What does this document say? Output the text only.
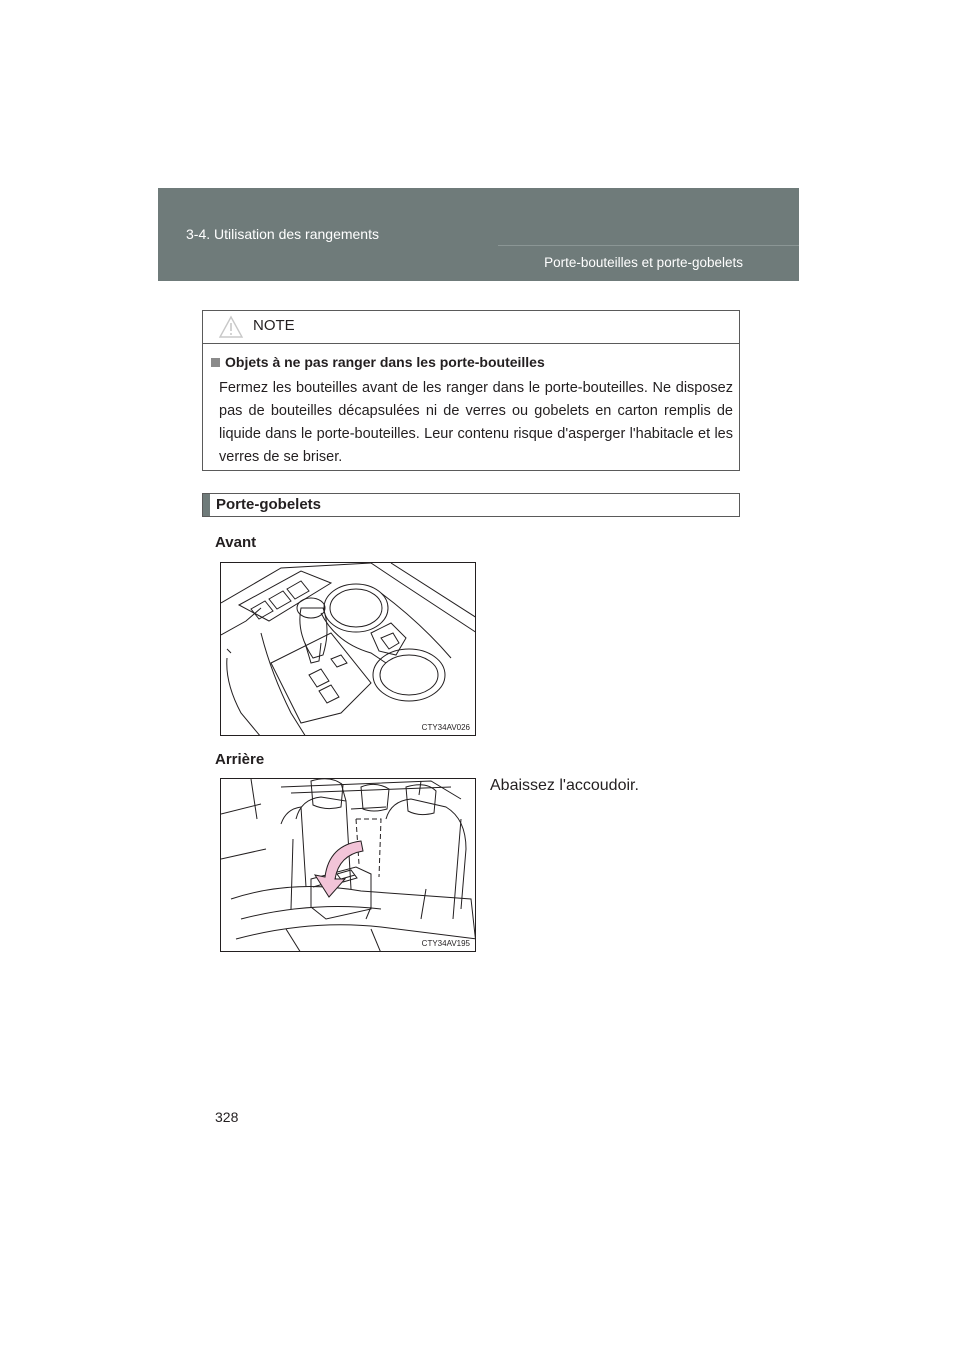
3-4. Utilisation des rangements
Porte-bouteilles et porte-gobelets
NOTE
Objets à ne pas ranger dans les porte-bouteilles
Fermez les bouteilles avant de les ranger dans le porte-bouteilles. Ne disposez pas de bouteilles décapsulées ni de verres ou gobelets en carton remplis de liquide dans le porte-bouteilles. Leur contenu risque d'asperger l'habitacle et les verres de se briser.
Porte-gobelets
Avant
CTY34AV026
Arrière
CTY34AV195
Abaissez l'accoudoir.
328
